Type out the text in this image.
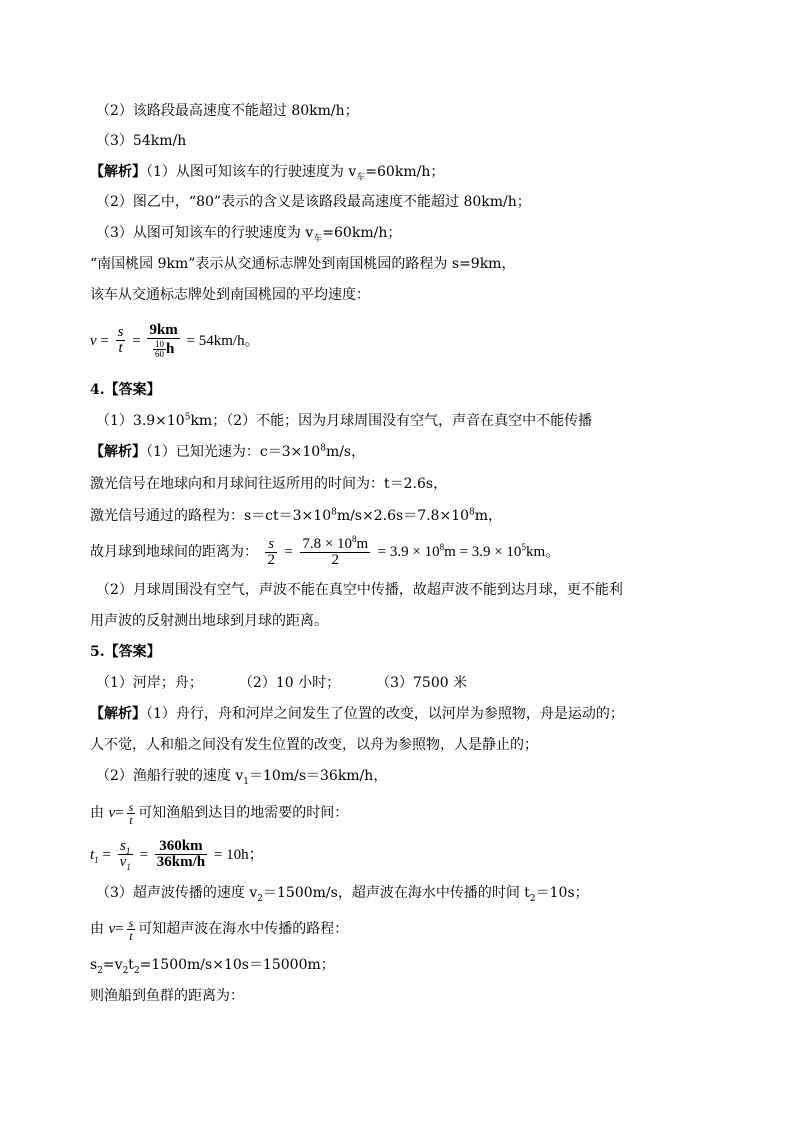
（2）该路段最高速度不能超过 80km/h；
（3）54km/h
【解析】（1）从图可知该车的行驶速度为 $v_车=60km/h$；
（2）图乙中，“80”表示的含义是该路段最高速度不能超过 80km/h；
（3）从图可知该车的行驶速度为 $v_车=60km/h$；
“南国桃园 9km”表示从交通标志牌处到南国桃园的路程为 s=9km，
该车从交通标志牌处到南国桃园的平均速度：
$v = \frac{s}{t} = \frac{9km}{\frac{10}{60} h} = 54km/h$。
4.【答案】
$(1)3.9\times 10^5km$；（2）不能；因为月球周围没有空气，声音在真空中不能传播
【解析】（1）已知光速为：$c=3\times 10^8m/s$，
激光信号在地球向和月球间往返所用的时间为：t＝2.6s，
激光信号通过的路程为：$s=ct=3\times 10^8m/s\times 2.6s=7.8\times 10^8m$，
故月球到地球间的距离为： $\frac{s}{2} = \frac{7.8 \times 10^8m}{2} = 3.9 \times 10^8m = 3.9 \times 10^5km$。
（2）月球周围没有空气，声波不能在真空中传播，故超声波不能到达月球，更不能利
用声波的反射测出地球到月球的距离。
5.【答案】
（1）河岸；舟；	（2）10 小时；	（3）7500 米
【解析】（1）舟行，舟和河岸之间发生了位置的改变，以河岸为参照物，舟是运动的；
人不觉，人和船之间没有发生位置的改变，以舟为参照物，人是静止的；
（2）渔船行驶的速度 $v_1=10m/s=36km/h$，
由 $v= \frac{s}{t}$ 可知渔船到达目的地需要的时间：
$t_1 = \frac{s_1}{v_1} = \frac{360km}{36km/h} = 10h$；
（3）超声波传播的速度 $v_2=1500m/s$，超声波在海水中传播的时间 $t_2=10s$；
由 $v= \frac{s}{t}$ 可知超声波在海水中传播的路程：
$s_2=v_2t_2=1500m/s\times 10s=15000m$；
则渔船到鱼群的距离为：
